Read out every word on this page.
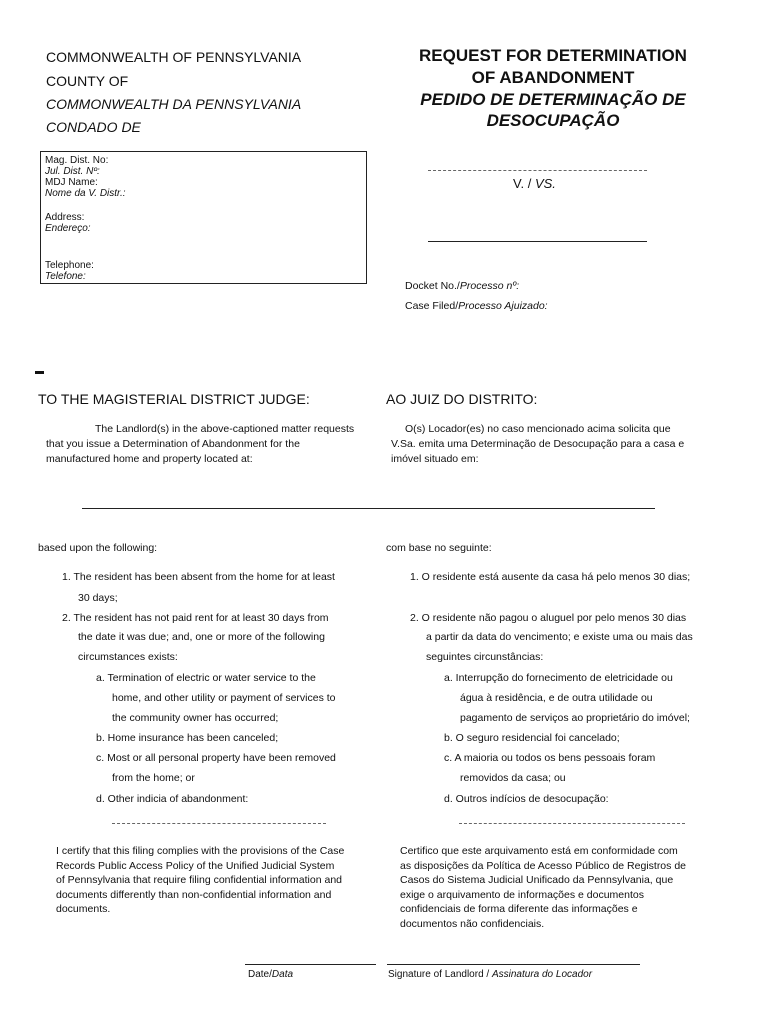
COMMONWEALTH OF PENNSYLVANIA
COUNTY OF
COMMONWEALTH DA PENNSYLVANIA
CONDADO DE
REQUEST FOR DETERMINATION
OF ABANDONMENT
PEDIDO DE DETERMINAÇÃO DE
DESOCUPAÇÃO
Mag. Dist. No:
Jul. Dist. Nº:
MDJ Name:
Nome da V. Distr.:
Address:
Endereço:
Telephone:
Telefone:
V. / VS.
Docket No./Processo nº:
Case Filed/Processo Ajuizado:
TO THE MAGISTERIAL DISTRICT JUDGE:	AO JUIZ DO DISTRITO:
The Landlord(s) in the above-captioned matter requests
that you issue a Determination of Abandonment for the
manufactured home and property located at:
O(s) Locador(es) no caso mencionado acima solicita que
V.Sa. emita uma Determinação de Desocupação para a casa e
imóvel situado em:
based upon the following:	com base no seguinte:
1. The resident has been absent from the home for at least
30 days;
2. The resident has not paid rent for at least 30 days from
the date it was due; and, one or more of the following
circumstances exists:
a. Termination of electric or water service to the
home, and other utility or payment of services to
the community owner has occurred;
b. Home insurance has been canceled;
c. Most or all personal property have been removed
from the home; or
d. Other indicia of abandonment:
1. O residente está ausente da casa há pelo menos 30 dias;
2. O residente não pagou o aluguel por pelo menos 30 dias
a partir da data do vencimento; e existe uma ou mais das
seguintes circunstâncias:
a. Interrupção do fornecimento de eletricidade ou
água à residência, e de outra utilidade ou
pagamento de serviços ao proprietário do imóvel;
b. O seguro residencial foi cancelado;
c. A maioria ou todos os bens pessoais foram
removidos da casa; ou
d. Outros indícios de desocupação:
I certify that this filing complies with the provisions of the Case
Records Public Access Policy of the Unified Judicial System
of Pennsylvania that require filing confidential information and
documents differently than non-confidential information and
documents.
Certifico que este arquivamento está em conformidade com
as disposições da Política de Acesso Público de Registros de
Casos do Sistema Judicial Unificado da Pennsylvania, que
exige o arquivamento de informações e documentos
confidenciais de forma diferente das informações e
documentos não confidenciais.
Date/Data	Signature of Landlord / Assinatura do Locador
